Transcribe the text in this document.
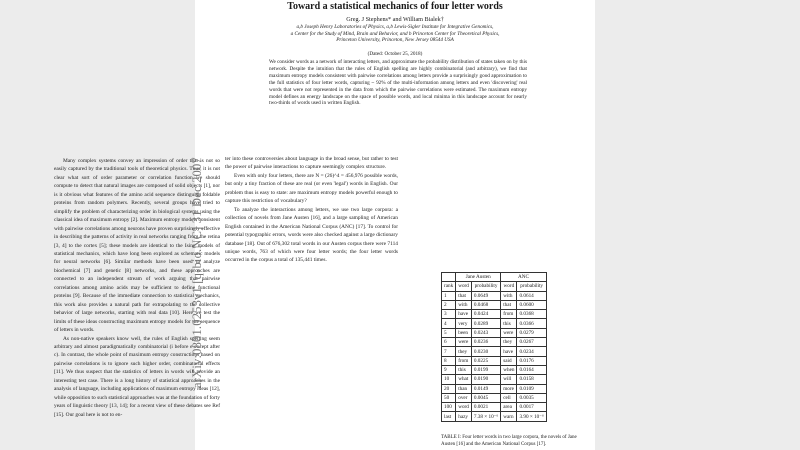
Toward a statistical mechanics of four letter words
Greg. J Stephens* and William Bialek†
a,b Joseph Henry Laboratories of Physics, a,b Lewis-Sigler Institute for Integrative Genomics,
a Center for the Study of Mind, Brain and Behavior, and b Princeton Center for Theoretical Physics,
Princeton University, Princeton, New Jersey 08544 USA
(Dated: October 25, 2018)
We consider words as a network of interacting letters, and approximate the probability distribution of states taken on by this network. Despite the intuition that the rules of English spelling are highly combinatorial (and arbitrary), we find that maximum entropy models consistent with pairwise correlations among letters provide a surprisingly good approximation to the full statistics of four letter words, capturing ~ 92% of the multi-information among letters and even 'discovering' real words that were not represented in the data from which the pairwise correlations were estimated. The maximum entropy model defines an energy landscape on the space of possible words, and local minima in this landscape account for nearly two-thirds of words used in written English.

Many complex systems convey an impression of order that is not so easily captured by the traditional tools of theoretical physics. Thus, it is not clear what sort of order parameter or correlation function we should compute to detect that natural images are composed of solid objects [1], nor is it obvious what features of the amino acid sequence distinguish foldable proteins from random polymers. Recently, several groups have tried to simplify the problem of characterizing order in biological systems using the classical idea of maximum entropy [2]. Maximum entropy models consistent with pairwise correlations among neurons have proven surprisingly effective in describing the patterns of activity in real networks ranging from the retina [3, 4] to the cortex [5]; these models are identical to the Ising models of statistical mechanics, which have long been explored as schematic models for neural networks [6]. Similar methods have been used to analyze biochemical [7] and genetic [8] networks, and these approaches are connected to an independent stream of work arguing that pairwise correlations among amino acids may be sufficient to define functional proteins [9]. Because of the immediate connection to statistical mechanics, this work also provides a natural path for extrapolating to the collective behavior of large networks, starting with real data [10]. Here we test the limits of these ideas constructing maximum entropy models for the sequence of letters in words.

As non-native speakers know well, the rules of English spelling seem arbitrary and almost paradigmatically combinatorial (i before e except after c). In contrast, the whole point of maximum entropy constructions based on pairwise correlations is to ignore such higher order, combinatorial effects [11]. We thus suspect that the statistics of letters in words will provide an interesting test case. There is a long history of statistical approaches in the analysis of language, including applications of maximum entropy ideas [12], while opposition to such statistical approaches was at the foundation of forty years of linguistic theory [13, 14]; for a recent view of these debates see Ref [15]. Our goal here is not to en-

ter into these controversies about language in the broad sense, but rather to test the power of pairwise interactions to capture seemingly complex structure.

Even with only four letters, there are N = (26)^4 = 456,976 possible words, but only a tiny fraction of these are real (or even 'legal') words in English. Our problem thus is easy to state: are maximum entropy models powerful enough to capture this restriction of vocabulary?

To analyze the interactions among letters, we use two large corpora: a collection of novels from Jane Austen [16], and a large sampling of American English contained in the American National Corpus (ANC) [17]. To control for potential typographic errors, words were also checked against a large dictionary database [18]. Out of 676,302 total words in our Austen corpus there were 7114 unique words, 763 of which were four letter words; the four letter words occurred in the corpus a total of 135,441 times.

arXiv:0801.0253v1 [q-bio.NC] 31 Dec 2007
		Jane Austen		ANC	
rank	word	probability	word	probability
1	that	0.0649	with	0.0614
2	with	0.0468	that	0.0600
3	have	0.0424	from	0.0368
4	very	0.0289	this	0.0366
5	been	0.0243	were	0.0279
6	were	0.0236	they	0.0267
7	they	0.0230	have	0.0234
8	from	0.0225	said	0.0176
9	this	0.0199	when	0.0164
10	what	0.0190	will	0.0158
20	than	0.0149	more	0.0109
50	over	0.0045	cell	0.0035
100	word	0.0021	area	0.0017
last	hazy	7.38 × 10⁻⁶	warn	3.90 × 10⁻⁶
TABLE I: Four letter words in two large corpora, the novels of Jane Austen [16] and the American National Corpus [17].
